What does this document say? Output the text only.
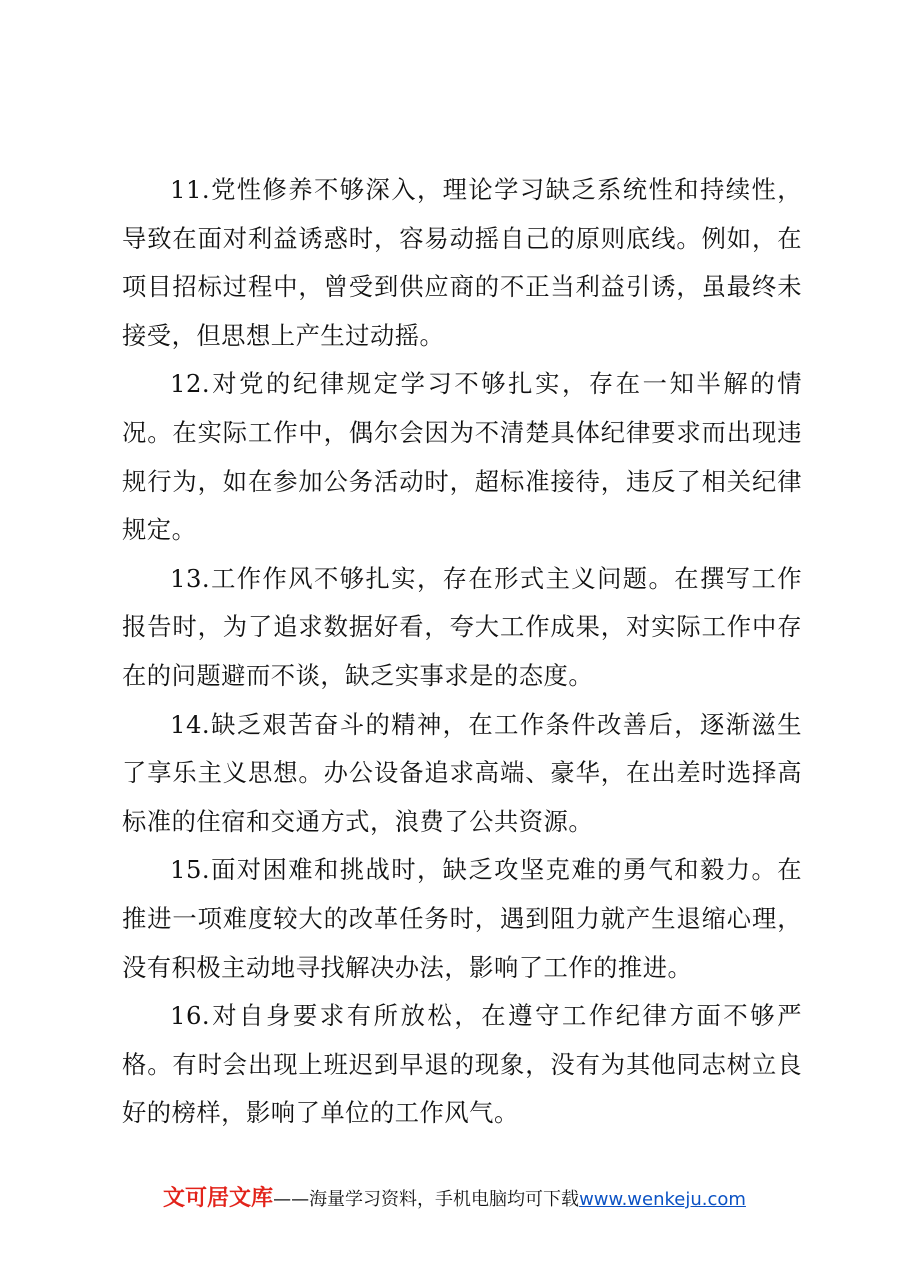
11.党性修养不够深入，理论学习缺乏系统性和持续性，导致在面对利益诱惑时，容易动摇自己的原则底线。例如，在项目招标过程中，曾受到供应商的不正当利益引诱，虽最终未接受，但思想上产生过动摇。

12.对党的纪律规定学习不够扎实，存在一知半解的情况。在实际工作中，偶尔会因为不清楚具体纪律要求而出现违规行为，如在参加公务活动时，超标准接待，违反了相关纪律规定。

13.工作作风不够扎实，存在形式主义问题。在撰写工作报告时，为了追求数据好看，夸大工作成果，对实际工作中存在的问题避而不谈，缺乏实事求是的态度。

14.缺乏艰苦奋斗的精神，在工作条件改善后，逐渐滋生了享乐主义思想。办公设备追求高端、豪华，在出差时选择高标准的住宿和交通方式，浪费了公共资源。

15.面对困难和挑战时，缺乏攻坚克难的勇气和毅力。在推进一项难度较大的改革任务时，遇到阻力就产生退缩心理，没有积极主动地寻找解决办法，影响了工作的推进。

16.对自身要求有所放松，在遵守工作纪律方面不够严格。有时会出现上班迟到早退的现象，没有为其他同志树立良好的榜样，影响了单位的工作风气。

文可居文库 ——海量学习资料，手机电脑均可下载 www.wenkeju.com
